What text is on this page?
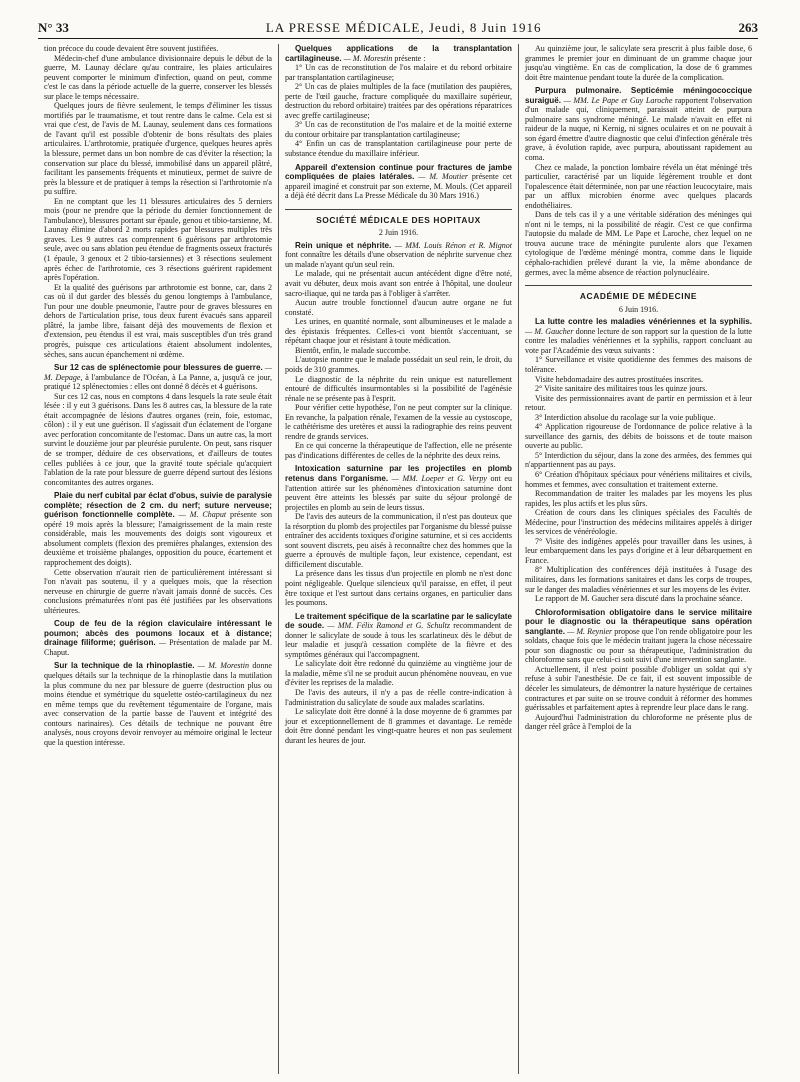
N° 33	LA PRESSE MÉDICALE, Jeudi, 8 Juin 1916	263

tion précoce du coude devaient être souvent justifiées.

Médecin-chef d'une ambulance divisionnaire depuis le début de la guerre, M. Launay déclare qu'au contraire, les plaies articulaires peuvent comporter le minimum d'infection, quand on peut, comme c'est le cas dans la période actuelle de la guerre, conserver les blessés sur place le temps nécessaire.

Quelques jours de fièvre seulement, le temps d'éliminer les tissus mortifiés par le traumatisme, et tout rentre dans le calme. Cela est si vrai que c'est, de l'avis de M. Launay, seulement dans ces formations de l'avant qu'il est possible d'obtenir de bons résultats des plaies articulaires. L'arthrotomie, pratiquée d'urgence, quelques heures après la blessure, permet dans un bon nombre de cas d'éviter la résection; la conservation sur place du blessé, immobilisé dans un appareil plâtré, facilitant les pansements fréquents et minutieux, permet de suivre de près la blessure et de pratiquer à temps la résection si l'arthrotomie n'a pu suffire.

En ne comptant que les 11 blessures articulaires des 5 derniers mois (pour ne prendre que la période du dernier fonctionnement de l'ambulance), blessures portant sur épaule, genou et tibio-tarsienne, M. Launay élimine d'abord 2 morts rapides par blessures multiples très graves. Les 9 autres cas comprennent 6 guérisons par arthrotomie seule, avec ou sans ablation peu étendue de fragments osseux fracturés (1 épaule, 3 genoux et 2 tibio-tarsiennes) et 3 résections seulement après échec de l'arthrotomie, ces 3 résections guérirent rapidement après l'opération.

Et la qualité des guérisons par arthrotomie est bonne, car, dans 2 cas où il dut garder des blessés du genou longtemps à l'ambulance, l'un pour une double pneumonie, l'autre pour de graves blessures en dehors de l'articulation prise, tous deux furent évacués sans appareil plâtré, la jambe libre, faisant déjà des mouvements de flexion et d'extension, peu étendus il est vrai, mais susceptibles d'un très grand progrès, puisque ces articulations étaient absolument indolentes, sèches, sans aucun épanchement ni œdème.

Sur 12 cas de splénectomie pour blessures de guerre. — M. Depage, à l'ambulance de l'Océan, à La Panne, a, jusqu'à ce jour, pratiqué 12 splénectomies : elles ont donné 8 décès et 4 guérisons.

Sur ces 12 cas, nous en comptons 4 dans lesquels la rate seule était lésée : il y eut 3 guérisons. Dans les 8 autres cas, la blessure de la rate était accompagnée de lésions d'autres organes (rein, foie, estomac, côlon) : il y eut une guérison. Il s'agissait d'un éclatement de l'organe avec perforation concomitante de l'estomac. Dans un autre cas, la mort survint le douzième jour par pleurésie purulente. On peut, sans risquer de se tromper, déduire de ces observations, et d'ailleurs de toutes celles publiées à ce jour, que la gravité toute spéciale qu'acquiert l'ablation de la rate pour blessure de guerre dépend surtout des lésions concomitantes des autres organes.

Plaie du nerf cubital par éclat d'obus, suivie de paralysie complète; résection de 2 cm. du nerf; suture nerveuse; guérison fonctionnelle complète. — M. Chaput présente son opéré 19 mois après la blessure; l'amaigrissement de la main reste considérable, mais les mouvements des doigts sont vigoureux et absolument complets (flexion des premières phalanges, extension des deuxième et troisième phalanges, opposition du pouce, écartement et rapprochement des doigts).

Cette observation n'aurait rien de particulièrement intéressant si l'on n'avait pas soutenu, il y a quelques mois, que la résection nerveuse en chirurgie de guerre n'avait jamais donné de succès. Ces conclusions prématurées n'ont pas été justifiées par les observations ultérieures.

Coup de feu de la région claviculaire intéressant le poumon; abcès des poumons locaux et à distance; drainage filiforme; guérison. — Présentation de malade par M. Chaput.

Sur la technique de la rhinoplastie. — M. Morestin donne quelques détails sur la technique de la rhinoplastie dans la mutilation la plus commune du nez par blessure de guerre (destruction plus ou moins étendue et symétrique du squelette ostéo-cartilagineux du nez en même temps que du revêtement tégumentaire de l'organe, mais avec conservation de la partie basse de l'auvent et intégrité des contours narinaires). Ces détails de technique ne pouvant être analysés, nous croyons devoir renvoyer au mémoire original le lecteur que la question intéresse.

Quelques applications de la transplantation cartilagineuse. — M. Morestin présente :

1° Un cas de reconstitution de l'os malaire et du rebord orbitaire par transplantation cartilagineuse;

2° Un cas de plaies multiples de la face (mutilation des paupières, perte de l'œil gauche, fracture compliquée du maxillaire supérieur, destruction du rebord orbitaire) traitées par des opérations réparatrices avec greffe cartilagineuse;

3° Un cas de reconstitution de l'os malaire et de la moitié externe du contour orbitaire par transplantation cartilagineuse;

4° Enfin un cas de transplantation cartilagineuse pour perte de substance étendue du maxillaire inférieur.

Appareil d'extension continue pour fractures de jambe compliquées de plaies latérales. — M. Moutier présente cet appareil imaginé et construit par son externe, M. Mouls. (Cet appareil a déjà été décrit dans La Presse Médicale du 30 Mars 1916.)

SOCIÉTÉ MÉDICALE DES HOPITAUX
2 Juin 1916.

Rein unique et néphrite. — MM. Louis Rénon et R. Mignot font connaître les détails d'une observation de néphrite survenue chez un malade n'ayant qu'un seul rein.

Le malade, qui ne présentait aucun antécédent digne d'être noté, avait vu débuter, deux mois avant son entrée à l'hôpital, une douleur sacro-iliaque, qui ne tarda pas à l'obliger à s'arrêter.

Aucun autre trouble fonctionnel d'aucun autre organe ne fut constaté.

Les urines, en quantité normale, sont albumineuses et le malade a des épistaxis fréquentes. Celles-ci vont bientôt s'accentuant, se répétant chaque jour et résistant à toute médication.

Bientôt, enfin, le malade succombe.

L'autopsie montre que le malade possédait un seul rein, le droit, du poids de 310 grammes.

Le diagnostic de la néphrite du rein unique est naturellement entouré de difficultés insurmontables si la possibilité de l'agénésie rénale ne se présente pas à l'esprit.

Pour vérifier cette hypothèse, l'on ne peut compter sur la clinique. En revanche, la palpation rénale, l'examen de la vessie au cystoscope, le cathétérisme des uretères et aussi la radiographie des reins peuvent rendre de grands services.

En ce qui concerne la thérapeutique de l'affection, elle ne présente pas d'indications différentes de celles de la néphrite des deux reins.

Intoxication saturnine par les projectiles en plomb retenus dans l'organisme. — MM. Loeper et G. Verpy ont eu l'attention attirée sur les phénomènes d'intoxication saturnine dont peuvent être atteints les blessés par suite du séjour prolongé de projectiles en plomb au sein de leurs tissus.

De l'avis des auteurs de la communication, il n'est pas douteux que la résorption du plomb des projectiles par l'organisme du blessé puisse entraîner des accidents toxiques d'origine saturnine, et si ces accidents sont souvent discrets, peu aisés à reconnaître chez des hommes que la guerre a éprouvés de multiple façon, leur existence, cependant, est difficilement discutable.

La présence dans les tissus d'un projectile en plomb ne n'est donc point négligeable. Quelque silencieux qu'il paraisse, en effet, il peut être toxique et l'est surtout dans certains organes, en particulier dans les poumons.

Le traitement spécifique de la scarlatine par le salicylate de soude. — MM. Félix Ramond et G. Schultz recommandent de donner le salicylate de soude à tous les scarlatineux dès le début de leur maladie et jusqu'à cessation complète de la fièvre et des symptômes généraux qui l'accompagnent.

Le salicylate doit être redonné du quinzième au vingtième jour de la maladie, même s'il ne se produit aucun phénomène nouveau, en vue d'éviter les reprises de la maladie.

De l'avis des auteurs, il n'y a pas de réelle contre-indication à l'administration du salicylate de soude aux malades scarlatins.

Le salicylate doit être donné à la dose moyenne de 6 grammes par jour et exceptionnellement de 8 grammes et davantage. Le remède doit être donné pendant les vingt-quatre heures et non pas seulement durant les heures de jour.

Au quinzième jour, le salicylate sera prescrit à plus faible dose, 6 grammes le premier jour en diminuant de un gramme chaque jour jusqu'au vingtième. En cas de complication, la dose de 6 grammes doit être maintenue pendant toute la durée de la complication.

Purpura pulmonaire. Septicémie méningococcique suraiguë. — MM. Le Pape et Guy Laroche rapportent l'observation d'un malade qui, cliniquement, paraissait atteint de purpura pulmonaire sans syndrome méningé. Le malade n'avait en effet ni raideur de la nuque, ni Kernig, ni signes oculaires et on ne pouvait à son égard émettre d'autre diagnostic que celui d'infection générale très grave, à évolution rapide, avec purpura, aboutissant rapidement au coma.

Chez ce malade, la ponction lombaire révéla un état méningé très particulier, caractérisé par un liquide légèrement trouble et dont l'opalescence était déterminée, non par une réaction leucocytaire, mais par un afflux microbien énorme avec quelques placards endothéliaires.

Dans de tels cas il y a une véritable sidération des méninges qui n'ont ni le temps, ni la possibilité de réagir. C'est ce que confirma l'autopsie du malade de MM. Le Pape et Laroche, chez lequel on ne trouva aucune trace de méningite purulente alors que l'examen cytologique de l'œdème méningé montra, comme dans le liquide céphalo-rachidien prélevé durant la vie, la même abondance de germes, avec la même absence de réaction polynucléaire.

ACADÉMIE DE MÉDECINE
6 Juin 1916.

La lutte contre les maladies vénériennes et la syphilis. — M. Gaucher donne lecture de son rapport sur la question de la lutte contre les maladies vénériennes et la syphilis, rapport concluant au vote par l'Académie des vœux suivants :

1° Surveillance et visite quotidienne des femmes des maisons de tolérance.

Visite hebdomadaire des autres prostituées inscrites.

2° Visite sanitaire des militaires tous les quinze jours.

Visite des permissionnaires avant de partir en permission et à leur retour.

3° Interdiction absolue du racolage sur la voie publique.

4° Application rigoureuse de l'ordonnance de police relative à la surveillance des garnis, des débits de boissons et de toute maison ouverte au public.

5° Interdiction du séjour, dans la zone des armées, des femmes qui n'appartiennent pas au pays.

6° Création d'hôpitaux spéciaux pour vénériens militaires et civils, hommes et femmes, avec consultation et traitement externe.

Recommandation de traiter les malades par les moyens les plus rapides, les plus actifs et les plus sûrs.

Création de cours dans les cliniques spéciales des Facultés de Médecine, pour l'instruction des médecins militaires appelés à diriger les services de vénéréologie.

7° Visite des indigènes appelés pour travailler dans les usines, à leur embarquement dans les pays d'origine et à leur débarquement en France.

8° Multiplication des conférences déjà instituées à l'usage des militaires, dans les formations sanitaires et dans les corps de troupes, sur le danger des maladies vénériennes et sur les moyens de les éviter.

Le rapport de M. Gaucher sera discuté dans la prochaine séance.

Chloroformisation obligatoire dans le service militaire pour le diagnostic ou la thérapeutique sans opération sanglante. — M. Reynier propose que l'on rende obligatoire pour les soldats, chaque fois que le médecin traitant jugera la chose nécessaire pour son diagnostic ou pour sa thérapeutique, l'administration du chloroforme sans que celui-ci soit suivi d'une intervention sanglante.

Actuellement, il n'est point possible d'obliger un soldat qui s'y refuse à subir l'anesthésie. De ce fait, il est souvent impossible de déceler les simulateurs, de démontrer la nature hystérique de certaines contractures et par suite on se trouve conduit à réformer des hommes guérissables et parfaitement aptes à reprendre leur place dans le rang.

Aujourd'hui l'administration du chloroforme ne présente plus de danger réel grâce à l'emploi de la
